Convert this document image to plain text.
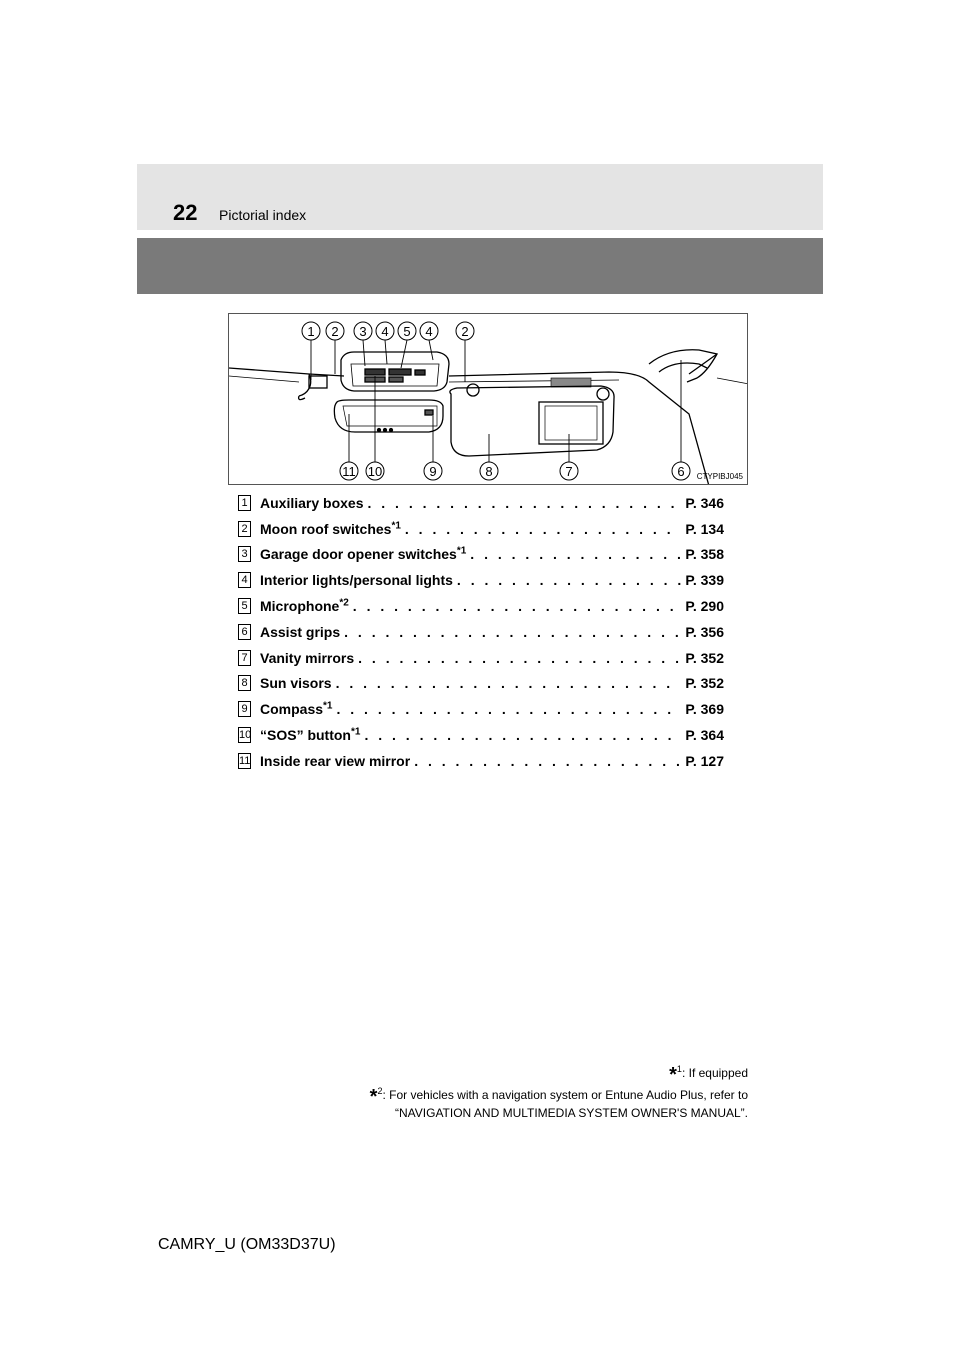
22 Pictorial index
1 2 3 4 5 4 2
11 10	9	8	7	6 CTYPIBJ045
1 Auxiliary boxes . . .	P. 346
2 Moon roof switches$^{*1}$ . . .	P. 134
3 Garage door opener switches$^{*1}$ . . .	P. 358
4 Interior lights/personal lights . . .	P. 339
5 Microphone$^{*2}$ . . .	P. 290
6 Assist grips . . .	P. 356
7 Vanity mirrors . . .	P. 352
8 Sun visors . . .	P. 352
9 Compass$^{*1}$ . . .	P. 369
10 “SOS” button$^{*1}$ . . .	P. 364
11 Inside rear view mirror . . .	P. 127
*$^1$: If equipped
*$^2$: For vehicles with a navigation system or Entune Audio Plus, refer to
“NAVIGATION AND MULTIMEDIA SYSTEM OWNER'S MANUAL”.
CAMRY_U (OM33D37U)
